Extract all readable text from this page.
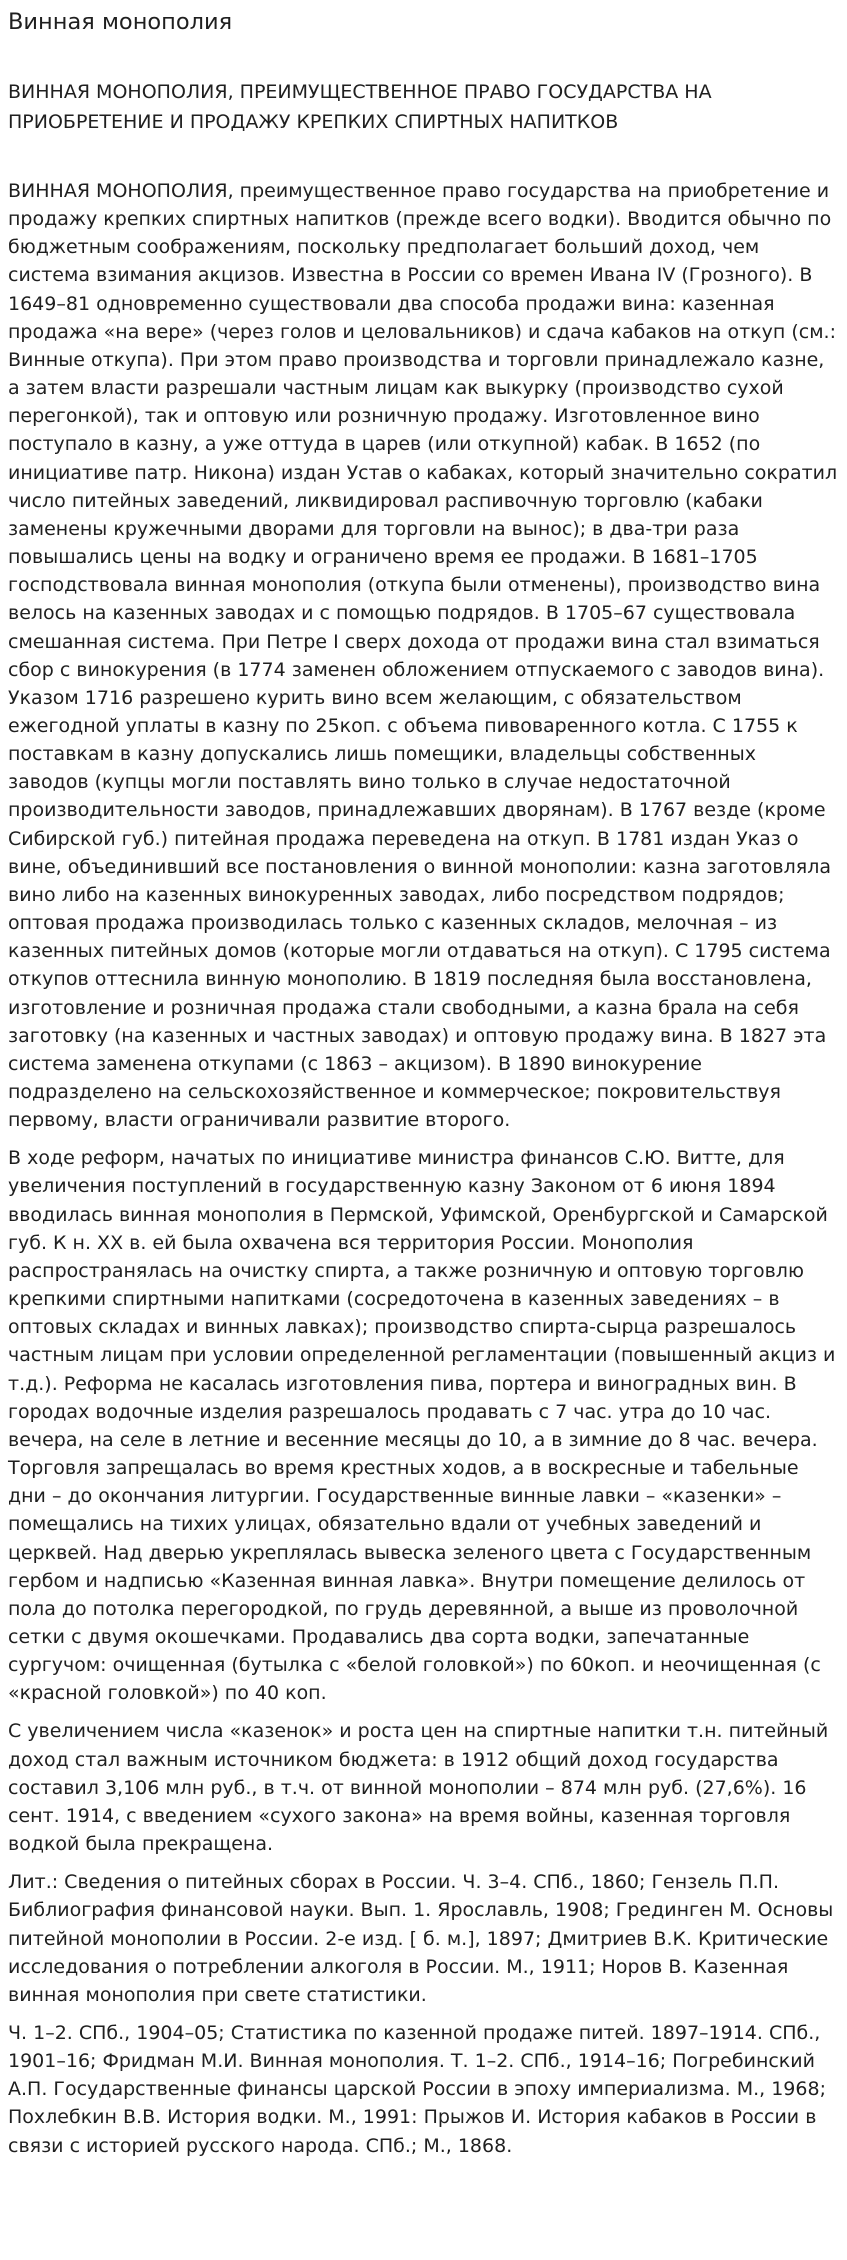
Винная монополия
ВИННАЯ МОНОПОЛИЯ, ПРЕИМУЩЕСТВЕННОЕ ПРАВО ГОСУДАРСТВА НА ПРИОБРЕТЕНИЕ И ПРОДАЖУ КРЕПКИХ СПИРТНЫХ НАПИТКОВ

ВИННАЯ МОНОПОЛИЯ, преимущественное право государства на приобретение и продажу крепких спиртных напитков (прежде всего водки). Вводится обычно по бюджетным соображениям, поскольку предполагает больший доход, чем система взимания акцизов. Известна в России со времен Ивана IV (Грозного). В 1649–81 одновременно существовали два способа продажи вина: казенная продажа «на вере» (через голов и целовальников) и сдача кабаков на откуп (см.: Винные откупа). При этом право производства и торговли принадлежало казне, а затем власти разрешали частным лицам как выкурку (производство сухой перегонкой), так и оптовую или розничную продажу. Изготовленное вино поступало в казну, а уже оттуда в царев (или откупной) кабак. В 1652 (по инициативе патр. Никона) издан Устав о кабаках, который значительно сократил число питейных заведений, ликвидировал распивочную торговлю (кабаки заменены кружечными дворами для торговли на вынос); в два-три раза повышались цены на водку и ограничено время ее продажи. В 1681–1705 господствовала винная монополия (откупа были отменены), производство вина велось на казенных заводах и с помощью подрядов. В 1705–67 существовала смешанная система. При Петре I сверх дохода от продажи вина стал взиматься сбор с винокурения (в 1774 заменен обложением отпускаемого с заводов вина). Указом 1716 разрешено курить вино всем желающим, с обязательством ежегодной уплаты в казну по 25коп. с объема пивоваренного котла. С 1755 к поставкам в казну допускались лишь помещики, владельцы собственных заводов (купцы могли поставлять вино только в случае недостаточной производительности заводов, принадлежавших дворянам). В 1767 везде (кроме Сибирской губ.) питейная продажа переведена на откуп. В 1781 издан Указ о вине, объединивший все постановления о винной монополии: казна заготовляла вино либо на казенных винокуренных заводах, либо посредством подрядов; оптовая продажа производилась только с казенных складов, мелочная – из казенных питейных домов (которые могли отдаваться на откуп). С 1795 система откупов оттеснила винную монополию. В 1819 последняя была восстановлена, изготовление и розничная продажа стали свободными, а казна брала на себя заготовку (на казенных и частных заводах) и оптовую продажу вина. В 1827 эта система заменена откупами (с 1863 – акцизом). В 1890 винокурение подразделено на сельскохозяйственное и коммерческое; покровительствуя первому, власти ограничивали развитие второго.

В ходе реформ, начатых по инициативе министра финансов С.Ю. Витте, для увеличения поступлений в государственную казну Законом от 6 июня 1894 вводилась винная монополия в Пермской, Уфимской, Оренбургской и Самарской губ. К н. XX в. ей была охвачена вся территория России. Монополия распространялась на очистку спирта, а также розничную и оптовую торговлю крепкими спиртными напитками (сосредоточена в казенных заведениях – в оптовых складах и винных лавках); производство спирта-сырца разрешалось частным лицам при условии определенной регламентации (повышенный акциз и т.д.). Реформа не касалась изготовления пива, портера и виноградных вин. В городах водочные изделия разрешалось продавать с 7 час. утра до 10 час. вечера, на селе в летние и весенние месяцы до 10, а в зимние до 8 час. вечера. Торговля запрещалась во время крестных ходов, а в воскресные и табельные дни – до окончания литургии. Государственные винные лавки – «казенки» – помещались на тихих улицах, обязательно вдали от учебных заведений и церквей. Над дверью укреплялась вывеска зеленого цвета с Государственным гербом и надписью «Казенная винная лавка». Внутри помещение делилось от пола до потолка перегородкой, по грудь деревянной, а выше из проволочной сетки с двумя окошечками. Продавались два сорта водки, запечатанные сургучом: очищенная (бутылка с «белой головкой») по 60коп. и неочищенная (с «красной головкой») по 40 коп.

С увеличением числа «казенок» и роста цен на спиртные напитки т.н. питейный доход стал важным источником бюджета: в 1912 общий доход государства составил 3,106 млн руб., в т.ч. от винной монополии – 874 млн руб. (27,6%). 16 сент. 1914, с введением «сухого закона» на время войны, казенная торговля водкой была прекращена.

Лит.: Сведения о питейных сборах в России. Ч. 3–4. СПб., 1860; Гензель П.П. Библиография финансовой науки. Вып. 1. Ярославль, 1908; Грединген М. Основы питейной монополии в России. 2-е изд. [ б. м.], 1897; Дмитриев В.К. Критические исследования о потреблении алкоголя в России. М., 1911; Норов В. Казенная винная монополия при свете статистики.

Ч. 1–2. СПб., 1904–05; Статистика по казенной продаже питей. 1897–1914. СПб., 1901–16; Фридман М.И. Винная монополия. Т. 1–2. СПб., 1914–16; Погребинский А.П. Государственные финансы царской России в эпоху империализма. М., 1968; Похлебкин В.В. История водки. М., 1991: Прыжов И. История кабаков в России в связи с историей русского народа. СПб.; М., 1868.
